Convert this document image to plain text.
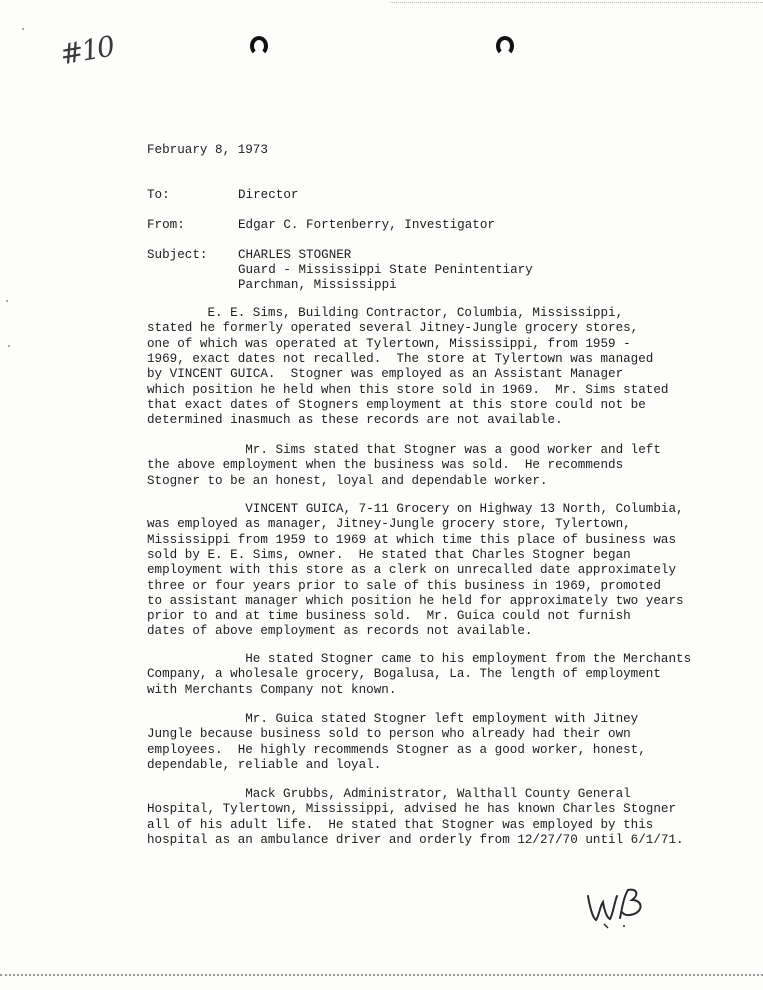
#10
February 8, 1973
To:	Director
From:	Edgar C. Fortenberry, Investigator
Subject: CHARLES STOGNER
Guard - Mississippi State Penintentiary
Parchman, Mississippi
E. E. Sims, Building Contractor, Columbia, Mississippi,
stated he formerly operated several Jitney-Jungle grocery stores,
one of which was operated at Tylertown, Mississippi, from 1959 -
1969, exact dates not recalled.  The store at Tylertown was managed
by VINCENT GUICA.  Stogner was employed as an Assistant Manager
which position he held when this store sold in 1969.  Mr. Sims stated
that exact dates of Stogners employment at this store could not be
determined inasmuch as these records are not available.
Mr. Sims stated that Stogner was a good worker and left
the above employment when the business was sold.  He recommends
Stogner to be an honest, loyal and dependable worker.
VINCENT GUICA, 7-11 Grocery on Highway 13 North, Columbia,
was employed as manager, Jitney-Jungle grocery store, Tylertown,
Mississippi from 1959 to 1969 at which time this place of business was
sold by E. E. Sims, owner.  He stated that Charles Stogner began
employment with this store as a clerk on unrecalled date approximately
three or four years prior to sale of this business in 1969, promoted
to assistant manager which position he held for approximately two years
prior to and at time business sold.  Mr. Guica could not furnish
dates of above employment as records not available.
He stated Stogner came to his employment from the Merchants
Company, a wholesale grocery, Bogalusa, La. The length of employment
with Merchants Company not known.
Mr. Guica stated Stogner left employment with Jitney
Jungle because business sold to person who already had their own
employees.  He highly recommends Stogner as a good worker, honest,
dependable, reliable and loyal.
Mack Grubbs, Administrator, Walthall County General
Hospital, Tylertown, Mississippi, advised he has known Charles Stogner
all of his adult life.  He stated that Stogner was employed by this
hospital as an ambulance driver and orderly from 12/27/70 until 6/1/71.
